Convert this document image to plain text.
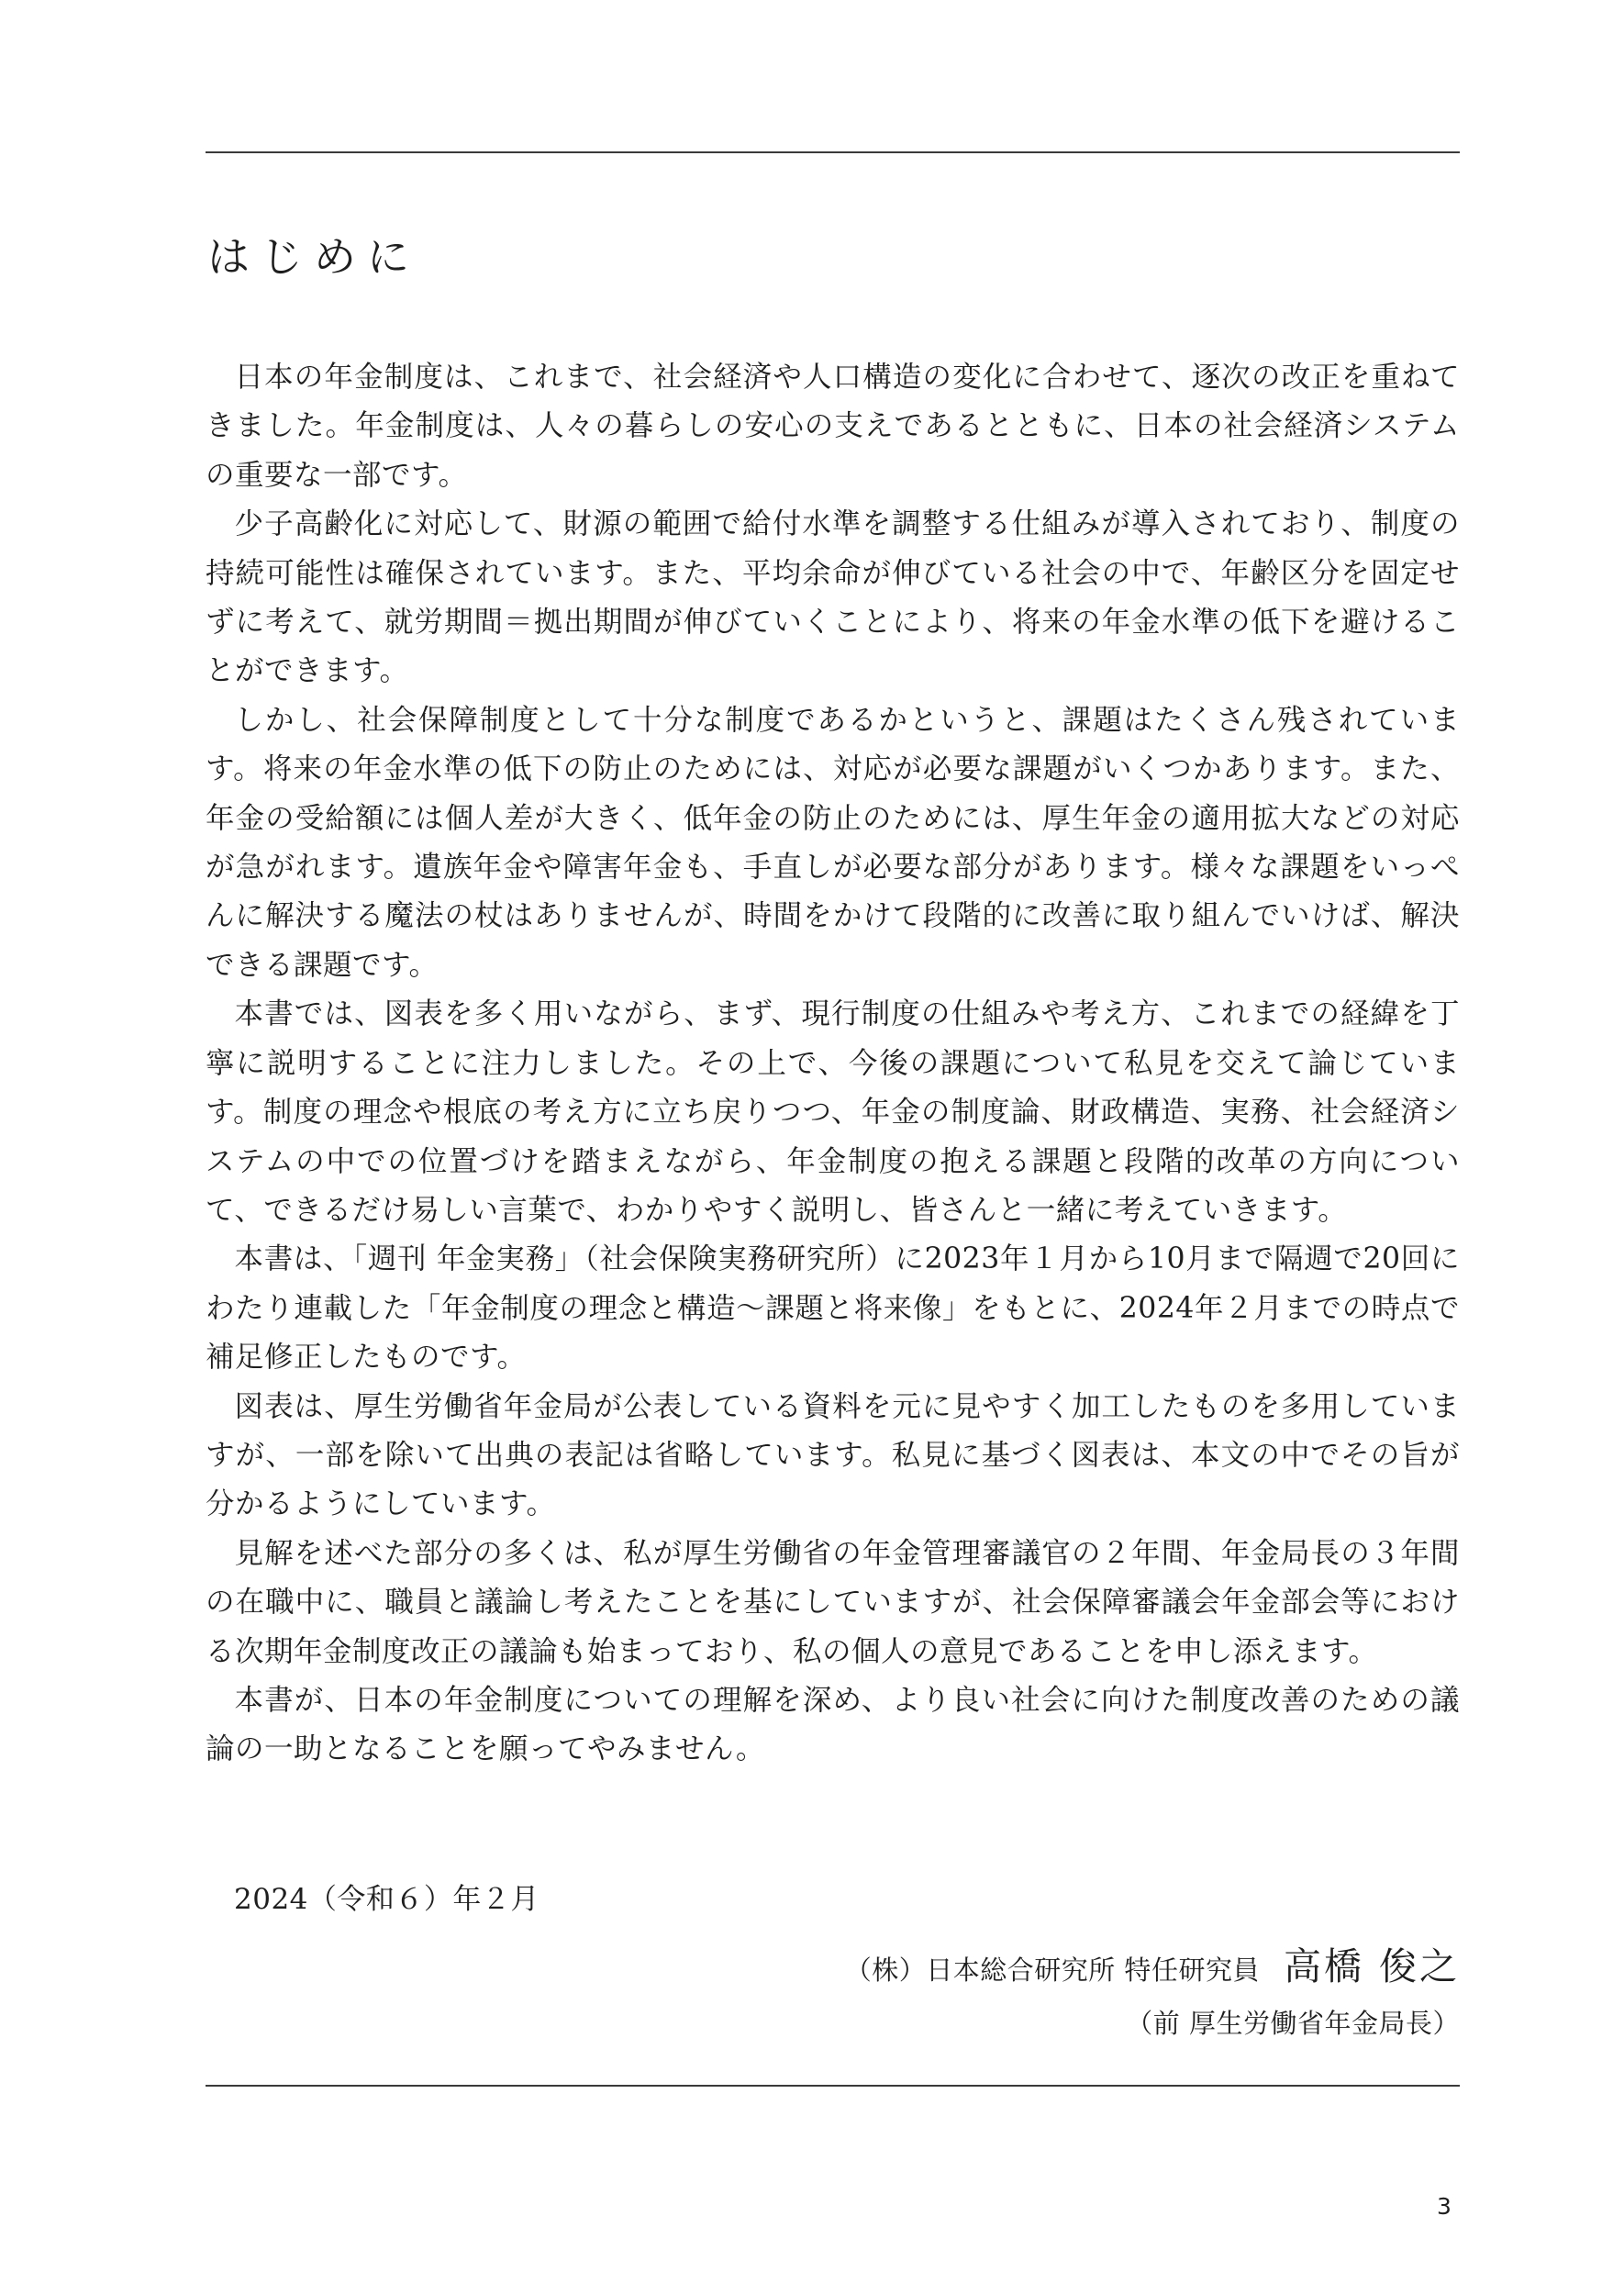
はじめに

日本の年金制度は、これまで、社会経済や人口構造の変化に合わせて、逐次の改正を重ねてきました。年金制度は、人々の暮らしの安心の支えであるとともに、日本の社会経済システムの重要な一部です。

少子高齢化に対応して、財源の範囲で給付水準を調整する仕組みが導入されており、制度の持続可能性は確保されています。また、平均余命が伸びている社会の中で、年齢区分を固定せずに考えて、就労期間＝拠出期間が伸びていくことにより、将来の年金水準の低下を避けることができます。

しかし、社会保障制度として十分な制度であるかというと、課題はたくさん残されています。将来の年金水準の低下の防止のためには、対応が必要な課題がいくつかあります。また、年金の受給額には個人差が大きく、低年金の防止のためには、厚生年金の適用拡大などの対応が急がれます。遺族年金や障害年金も、手直しが必要な部分があります。様々な課題をいっぺんに解決する魔法の杖はありませんが、時間をかけて段階的に改善に取り組んでいけば、解決できる課題です。

本書では、図表を多く用いながら、まず、現行制度の仕組みや考え方、これまでの経緯を丁寧に説明することに注力しました。その上で、今後の課題について私見を交えて論じています。制度の理念や根底の考え方に立ち戻りつつ、年金の制度論、財政構造、実務、社会経済システムの中での位置づけを踏まえながら、年金制度の抱える課題と段階的改革の方向について、できるだけ易しい言葉で、わかりやすく説明し、皆さんと一緒に考えていきます。

本書は、「週刊 年金実務」（社会保険実務研究所）に2023年１月から10月まで隔週で20回にわたり連載した「年金制度の理念と構造～課題と将来像」をもとに、2024年２月までの時点で補足修正したものです。

図表は、厚生労働省年金局が公表している資料を元に見やすく加工したものを多用していますが、一部を除いて出典の表記は省略しています。私見に基づく図表は、本文の中でその旨が分かるようにしています。

見解を述べた部分の多くは、私が厚生労働省の年金管理審議官の２年間、年金局長の３年間の在職中に、職員と議論し考えたことを基にしていますが、社会保障審議会年金部会等における次期年金制度改正の議論も始まっており、私の個人の意見であることを申し添えます。

本書が、日本の年金制度についての理解を深め、より良い社会に向けた制度改善のための議論の一助となることを願ってやみません。

2024（令和６）年２月
（株）日本総合研究所 特任研究員 高橋 俊之
（前 厚生労働省年金局長）
3
